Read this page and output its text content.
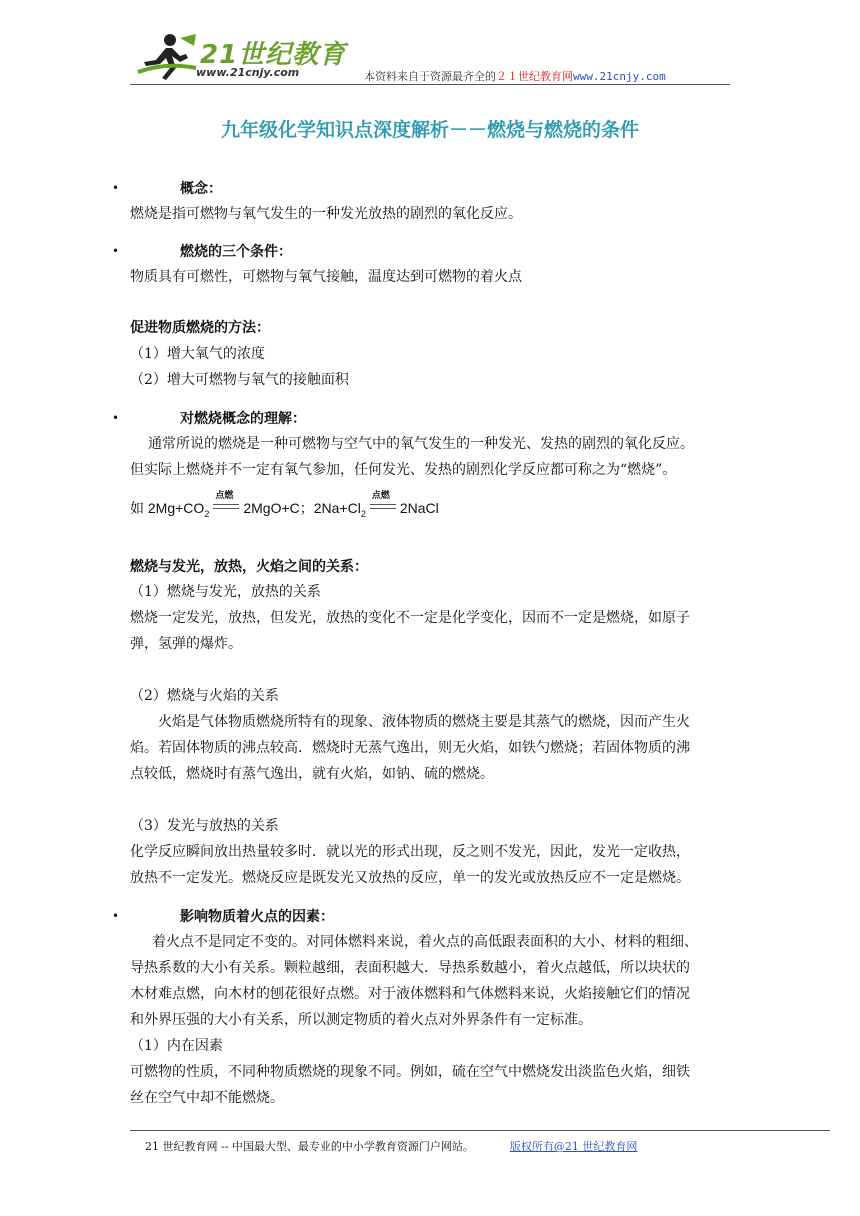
21世纪教育
www.21cnjy.com	本资料来自于资源最齐全的２１世纪教育网www.21cnjy.com
九年级化学知识点深度解析－－燃烧与燃烧的条件
•	概念：
燃烧是指可燃物与氧气发生的一种发光放热的剧烈的氧化反应。
•	燃烧的三个条件：
物质具有可燃性，可燃物与氧气接触，温度达到可燃物的着火点
促进物质燃烧的方法：
（1）增大氧气的浓度
（2）增大可燃物与氧气的接触面积
•	对燃烧概念的理解：
通常所说的燃烧是一种可燃物与空气中的氧气发生的一种发光、发热的剧烈的氧化反应。
但实际上燃烧并不一定有氧气参加，任何发光、发热的剧烈化学反应都可称之为“燃烧”。
如 $2Mg+CO_2$
点燃
2MgO+C；$2Na+Cl_2$
点燃
2NaCl
燃烧与发光，放热，火焰之间的关系：
（1）燃烧与发光，放热的关系
燃烧一定发光，放热，但发光，放热的变化不一定是化学变化，因而不一定是燃烧，如原子
弹，氢弹的爆炸。
（2）燃烧与火焰的关系
火焰是气体物质燃烧所特有的现象、液体物质的燃烧主要是其蒸气的燃烧，因而产生火
焰。若固体物质的沸点较高．燃烧时无蒸气逸出，则无火焰，如铁勺燃烧；若固体物质的沸
点较低，燃烧时有蒸气逸出，就有火焰，如钠、硫的燃烧。
（3）发光与放热的关系
化学反应瞬间放出热量较多时．就以光的形式出现，反之则不发光，因此，发光一定收热，
放热不一定发光。燃烧反应是既发光又放热的反应，单一的发光或放热反应不一定是燃烧。
•	影响物质着火点的因素：
着火点不是同定不变的。对同体燃料来说，着火点的高低跟表面积的大小、材料的粗细、
导热系数的大小有关系。颗粒越细，表面积越大．导热系数越小，着火点越低，所以块状的
木材难点燃，向木材的刨花很好点燃。对于液体燃料和气体燃料来说，火焰接触它们的情况
和外界压强的大小有关系，所以测定物质的着火点对外界条件有一定标准。
（1）内在因素
可燃物的性质，不同种物质燃烧的现象不同。例如，硫在空气中燃烧发出淡监色火焰，细铁
丝在空气中却不能燃烧。
21 世纪教育网 -- 中国最大型、最专业的中小学教育资源门户网站。	版权所有@21 世纪教育网
